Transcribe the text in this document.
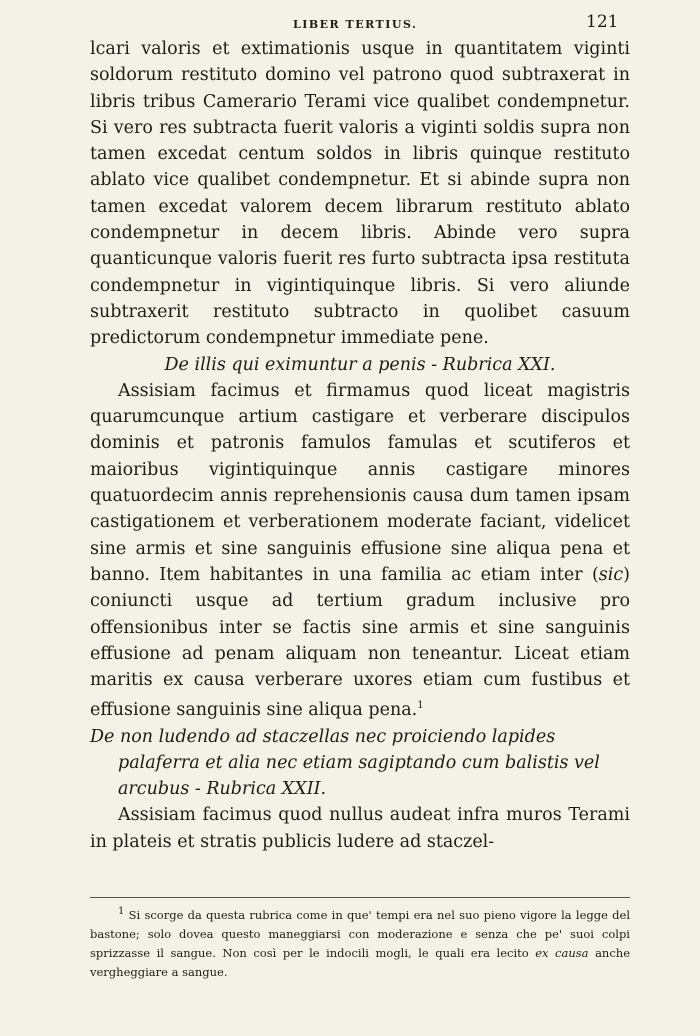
LIBER TERTIUS.	121

lcari valoris et extimationis usque in quantitatem viginti soldorum restituto domino vel patrono quod subtraxerat in libris tribus Camerario Terami vice qualibet condempnetur. Si vero res subtracta fuerit valoris a viginti soldis supra non tamen excedat centum soldos in libris quinque restituto ablato vice qualibet condempnetur. Et si abinde supra non tamen excedat valorem decem librarum restituto ablato condempnetur in decem libris. Abinde vero supra quanticunque valoris fuerit res furto subtracta ipsa restituta condempnetur in vigintiquinque libris. Si vero aliunde subtraxerit restituto subtracto in quolibet casuum predictorum condempnetur immediate pene.

De illis qui eximuntur a penis - Rubrica XXI.

Assisiam facimus et firmamus quod liceat magistris quarumcunque artium castigare et verberare discipulos dominis et patronis famulos famulas et scutiferos et maioribus vigintiquinque annis castigare minores quatuordecim annis reprehensionis causa dum tamen ipsam castigationem et verberationem moderate faciant, videlicet sine armis et sine sanguinis effusione sine aliqua pena et banno. Item habitantes in una familia ac etiam inter (sic) coniuncti usque ad tertium gradum inclusive pro offensionibus inter se factis sine armis et sine sanguinis effusione ad penam aliquam non teneantur. Liceat etiam maritis ex causa verberare uxores etiam cum fustibus et effusione sanguinis sine aliqua pena.$^1$

De non ludendo ad staczellas nec proiciendo lapides palaferra et alia nec etiam sagiptando cum balistis vel arcubus - Rubrica XXII.

Assisiam facimus quod nullus audeat infra muros Terami in plateis et stratis publicis ludere ad staczel-

1 Si scorge da questa rubrica come in que' tempi era nel suo pieno vigore la legge del bastone; solo dovea questo maneggiarsi con moderazione e senza che pe' suoi colpi sprizzasse il sangue. Non così per le indocili mogli, le quali era lecito ex causa anche vergheggiare a sangue.
